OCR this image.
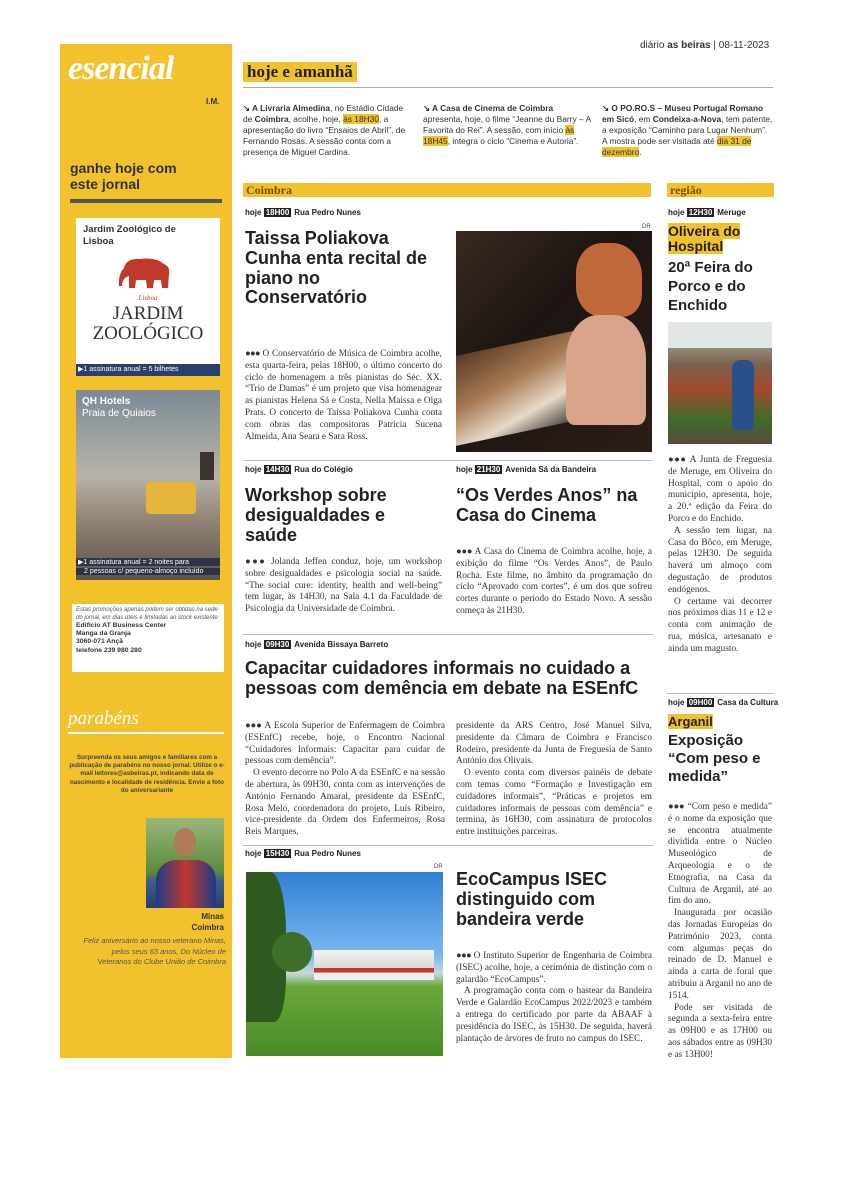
diário as beiras | 08-11-2023
esencial
I.M.
ganhe hoje com este jornal
Jardim Zoológico de Lisboa
Lisboa
JARDIM ZOOLÓGICO
▶1 assinatura anual = 5 bilhetes
QH Hotels
Praia de Quiaios
▶1 assinatura anual = 2 noites para
2 pessoas c/ pequeno-almoço incluído
Estas promoções apenas podem ser obtidas na sede do jornal, em dias úteis e limitadas ao stock existente
Edifício AT Business Center
Manga da Granja
3060-071 Ançã
telefone 239 980 280
parabéns
Surpreenda os seus amigos e familiares com a publicação de parabéns no nosso jornal. Utilize o e-mail leitores@asbeiras.pt, indicando data de nascimento e localidade de residência. Envie a foto do aniversariante
Minas
Coimbra
Feliz aniversário ao nosso veterano Minas, pelos seus 63 anos, Do Núcleo de Veteranos do Clube União de Coimbra
hoje e amanhã
↘ A Livraria Almedina, no Estádio Cidade de Coimbra, acolhe, hoje, às 18H30, a apresentação do livro “Ensaios de Abril”, de Fernando Rosas. A sessão conta com a presença de Miguel Cardina.
↘ A Casa de Cinema de Coimbra apresenta, hoje, o filme “Jeanne du Barry – A Favorita do Rei”. A sessão, com início às 18H45, integra o ciclo “Cinema e Autoria”.
↘ O PO.RO.S – Museu Portugal Romano em Sicó, em Condeixa-a-Nova, tem patente, a exposição “Caminho para Lugar Nenhum”. A mostra pode ser visitada até dia 31 de dezembro.
Coimbra
hoje 18H00 Rua Pedro Nunes
Taissa Poliakova Cunha enta recital de piano no Conservatório
●●● O Conservatório de Música de Coimbra acolhe, esta quarta-feira, pelas 18H00, o último concerto do ciclo de homenagem a três pianistas do Séc. XX. “Trio de Damas” é um projeto que visa homenagear as pianistas Helena Sá e Costa, Nella Maissa e Olga Prats. O concerto de Taissa Poliakova Cunha conta com obras das compositoras Patrícia Sucena Almeida, Ana Seara e Sara Ross.
DR
hoje 14H30 Rua do Colégio
Workshop sobre desigualdades e saúde
●●● Jolanda Jeffen conduz, hoje, um workshop sobre desigualdades e psicologia social na saúde. “The social cure: identity, health and well-being” tem lugar, às 14H30, na Sala 4.1 da Faculdade de Psicologia da Universidade de Coimbra.
hoje 21H30 Avenida Sá da Bandeira
“Os Verdes Anos” na Casa do Cinema
●●● A Casa do Cinema de Coimbra acolhe, hoje, a exibição do filme “Os Verdes Anos”, de Paulo Rocha. Este filme, no âmbito da programação do ciclo “Aprovado com cortes”, é um dos que sofreu cortes durante o período do Estado Novo. A sessão começa às 21H30.
hoje 09H30 Avenida Bissaya Barreto
Capacitar cuidadores informais no cuidado a pessoas com demência em debate na ESEnfC
●●● A Escola Superior de Enfermagem de Coimbra (ESEnfC) recebe, hoje, o Encontro Nacional “Cuidadores Informais: Capacitar para cuidar de pessoas com demência”.
O evento decorre no Polo A da ESEnfC e na sessão de abertura, às 09H30, conta com as intervenções de António Fernando Amaral, presidente da ESEnfC, Rosa Melo, coordenadora do projeto, Luís Ribeiro, vice-presidente da Ordem dos Enfermeiros, Rosa Reis Marques,
presidente da ARS Centro, José Manuel Silva, presidente da Câmara de Coimbra e Francisco Rodeiro, presidente da Junta de Freguesia de Santo António dos Olivais.
O evento conta com diversos painéis de debate com temas como “Formação e Investigação em cuidadores informais”, “Práticas e projetos em cuidadores informais de pessoas com demência” e termina, às 16H30, com assinatura de protocolos entre instituições parceiras.
hoje 15H30 Rua Pedro Nunes
DR
EcoCampus ISEC distinguido com bandeira verde
●●● O Instituto Superior de Engenharia de Coimbra (ISEC) acolhe, hoje, a cerimónia de distinção com o galardão “EcoCampus”.
A programação conta com o hastear da Bandeira Verde e Galardão EcoCampus 2022/2023 e também a entrega do certificado por parte da ABAAF à presidência do ISEC, às 15H30. De seguida, haverá plantação de árvores de fruto no campus do ISEC.
região
hoje 12H30 Meruge
Oliveira do Hospital
20ª Feira do Porco e do Enchido
●●● A Junta de Freguesia de Meruge, em Oliveira do Hospital, com o apoio do município, apresenta, hoje, a 20.ª edição da Feira do Porco e do Enchido.
A sessão tem lugar, na Casa do Bôco, em Meruge, pelas 12H30. De seguida haverá um almoço com degustação de produtos endógenos.
O certame vai decorrer nos próximos dias 11 e 12 e conta com animação de rua, música, artesanato e ainda um magusto.
hoje 09H00 Casa da Cultura
Arganil
Exposição “Com peso e medida”
●●● “Com peso e medida” é o nome da exposição que se encontra atualmente dividida entre o Núcleo Museológico de Arqueologia e o de Etnografia, na Casa da Cultura de Arganil, até ao fim do ano.
Inaugurada por ocasião das Jornadas Europeias do Património 2023, conta com algumas peças do reinado de D. Manuel e ainda a carta de foral que atribuiu a Arganil no ano de 1514.
Pode ser visitada de segunda a sexta-feira entre as 09H00 e as 17H00 ou aos sábados entre as 09H30 e as 13H00!
